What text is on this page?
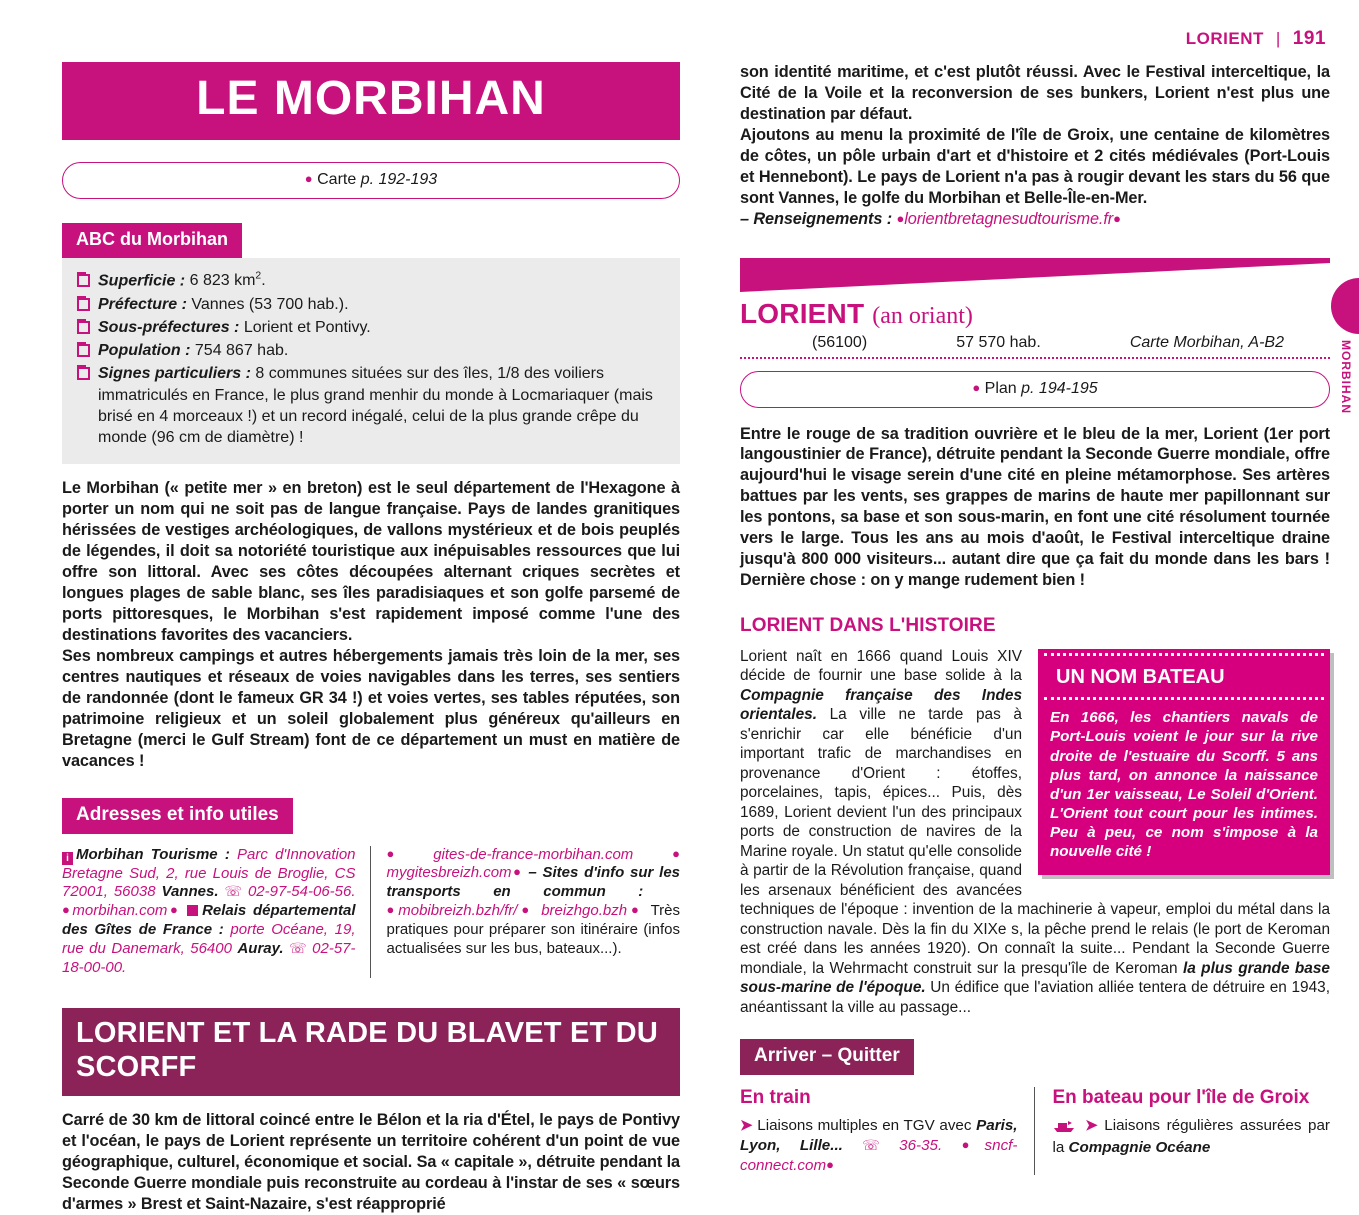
LORIENT | 191
LE MORBIHAN
● Carte p. 192-193
ABC du Morbihan
Superficie : 6 823 $km^2$.
Préfecture : Vannes (53 700 hab.).
Sous-préfectures : Lorient et Pontivy.
Population : 754 867 hab.
Signes particuliers : 8 communes situées sur des îles, 1/8 des voiliers immatriculés en France, le plus grand menhir du monde à Locmariaquer (mais brisé en 4 morceaux !) et un record inégalé, celui de la plus grande crêpe du monde (96 cm de diamètre) !

Le Morbihan (« petite mer » en breton) est le seul département de l'Hexagone à porter un nom qui ne soit pas de langue française. Pays de landes granitiques hérissées de vestiges archéologiques, de vallons mystérieux et de bois peuplés de légendes, il doit sa notoriété touristique aux inépuisables ressources que lui offre son littoral. Avec ses côtes découpées alternant criques secrètes et longues plages de sable blanc, ses îles paradisiaques et son golfe parsemé de ports pittoresques, le Morbihan s'est rapidement imposé comme l'une des destinations favorites des vacanciers.

Ses nombreux campings et autres hébergements jamais très loin de la mer, ses centres nautiques et réseaux de voies navigables dans les terres, ses sentiers de randonnée (dont le fameux GR 34 !) et voies vertes, ses tables réputées, son patrimoine religieux et un soleil globalement plus généreux qu'ailleurs en Bretagne (merci le Gulf Stream) font de ce département un must en matière de vacances !

Adresses et info utiles
i Morbihan Tourisme : Parc d'Innovation Bretagne Sud, 2, rue Louis de Broglie, CS 72001, 56038 Vannes. ☏ 02-97-54-06-56. ●morbihan.com● Relais départemental des Gîtes de France : porte Océane, 19, rue du Danemark, 56400 Auray. ☏ 02-57-18-00-00.
●gites-de-france-morbihan.com● mygitesbreizh.com● – Sites d'info sur les transports en commun :   ●mobibreizh.bzh/fr/● breizhgo.bzh● Très pratiques pour préparer son itinéraire (infos actualisées sur les bus, bateaux...).
LORIENT ET LA RADE DU BLAVET ET DU SCORFF

Carré de 30 km de littoral coincé entre le Bélon et la ria d'Étel, le pays de Pontivy et l'océan, le pays de Lorient représente un territoire cohérent d'un point de vue géographique, culturel, économique et social. Sa « capitale », détruite pendant la Seconde Guerre mondiale puis reconstruite au cordeau à l'instar de ses « sœurs d'armes » Brest et Saint-Nazaire, s'est réapproprié

son identité maritime, et c'est plutôt réussi. Avec le Festival interceltique, la Cité de la Voile et la reconversion de ses bunkers, Lorient n'est plus une destination par défaut.

Ajoutons au menu la proximité de l'île de Groix, une centaine de kilomètres de côtes, un pôle urbain d'art et d'histoire et 2 cités médiévales (Port-Louis et Hennebont). Le pays de Lorient n'a pas à rougir devant les stars du 56 que sont Vannes, le golfe du Morbihan et Belle-Île-en-Mer.

– Renseignements : ●lorientbretagnesudtourisme.fr●

LORIENT (an oriant)
(56100)	57 570 hab.	Carte Morbihan, A-B2
● Plan p. 194-195

Entre le rouge de sa tradition ouvrière et le bleu de la mer, Lorient (1er port langoustinier de France), détruite pendant la Seconde Guerre mondiale, offre aujourd'hui le visage serein d'une cité en pleine métamorphose. Ses artères battues par les vents, ses grappes de marins de haute mer papillonnant sur les pontons, sa base et son sous-marin, en font une cité résolument tournée vers le large. Tous les ans au mois d'août, le Festival interceltique draine jusqu'à 800 000 visiteurs... autant dire que ça fait du monde dans les bars ! Dernière chose : on y mange rudement bien !

LORIENT DANS L'HISTOIRE
UN NOM BATEAU
En 1666, les chantiers navals de Port-Louis voient le jour sur la rive droite de l'estuaire du Scorff. 5 ans plus tard, on annonce la naissance d'un 1er vaisseau, Le Soleil d'Orient. L'Orient tout court pour les intimes. Peu à peu, ce nom s'impose à la nouvelle cité !
Lorient naît en 1666 quand Louis XIV décide de fournir une base solide à la Compagnie française des Indes orientales. La ville ne tarde pas à s'enrichir car elle bénéficie d'un important trafic de marchandises en provenance d'Orient : étoffes, porcelaines, tapis, épices... Puis, dès 1689, Lorient devient l'un des principaux ports de construction de navires de la Marine royale. Un statut qu'elle consolide à partir de la Révolution française, quand les arsenaux bénéficient des avancées techniques de l'époque : invention de la machinerie à vapeur, emploi du métal dans la construction navale. Dès la fin du XIXe s, la pêche prend le relais (le port de Keroman est créé dans les années 1920). On connaît la suite... Pendant la Seconde Guerre mondiale, la Wehrmacht construit sur la presqu'île de Keroman la plus grande base sous-marine de l'époque. Un édifice que l'aviation alliée tentera de détruire en 1943, anéantissant la ville au passage...
Arriver – Quitter
En train
➤ Liaisons multiples en TGV avec Paris, Lyon, Lille... ☏ 36-35. ●sncf-connect.com●
En bateau pour l'île de Groix
➤ Liaisons régulières assurées par la Compagnie Océane
MORBIHAN
